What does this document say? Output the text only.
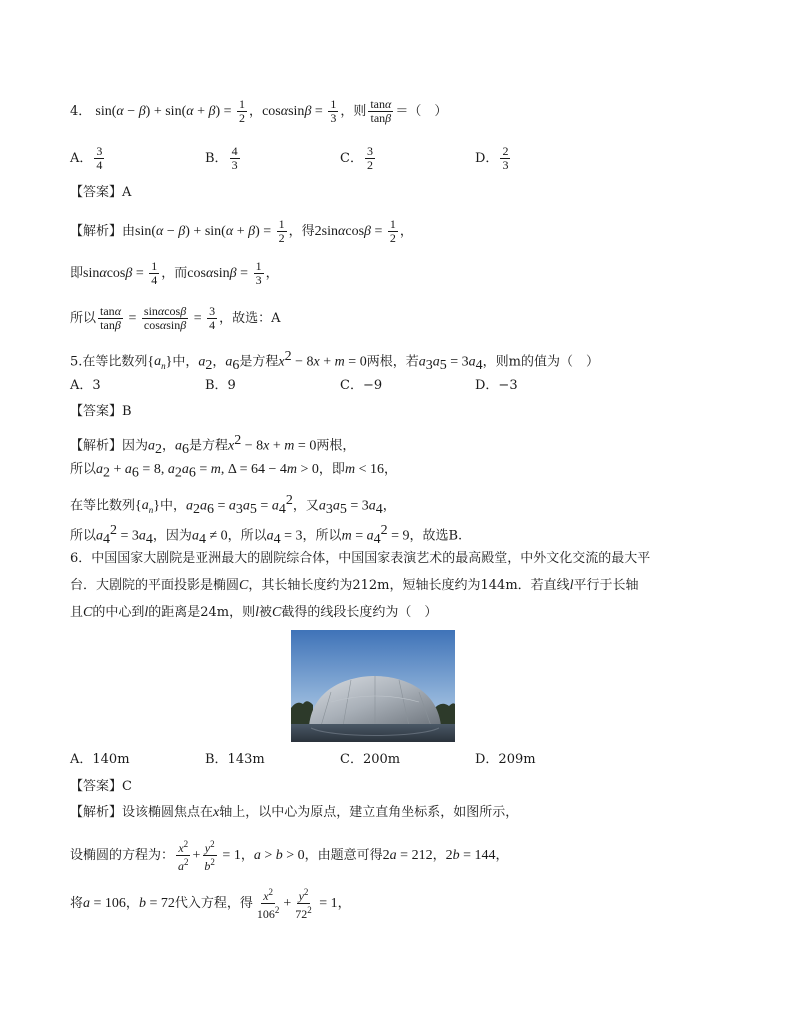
4． $\sin(\alpha - \beta) + \sin(\alpha + \beta) = \frac{1}{2}$ ，$\cos\alpha\sin\beta = \frac{1}{3}$ ，则 $\frac{\tan\alpha}{\tan\beta}$ ＝（　）
A． $\frac{3}{4}$	B． $\frac{4}{3}$	C． $\frac{3}{2}$	D． $\frac{2}{3}$
【答案】A
【解析】由$\sin(\alpha - \beta) + \sin(\alpha + \beta) = \frac{1}{2}$ ，得$2\sin\alpha\cos\beta = \frac{1}{2}$ ，
即$\sin\alpha\cos\beta = \frac{1}{4}$ ，而$\cos\alpha\sin\beta = \frac{1}{3}$ ，
所以 $\frac{\tan\alpha}{\tan\beta} = \frac{\sin\alpha\cos\beta}{\cos\alpha\sin\beta} = \frac{3}{4}$ ，故选：A
5.在等比数列$\{a_n\}$中，$a_2$，$a_6$是方程$x^2 - 8x + m = 0$两根，若$a_3a_5 = 3a_4$，则m的值为（　）
A．3	B．9	C．−9	D．−3
【答案】B
【解析】因为$a_2$，$a_6$是方程$x^2 - 8x + m = 0$两根，
所以$a_2 + a_6 = 8$, $a_2a_6 = m$, Δ = 64 − 4m > 0，即m < 16，
在等比数列$\{a_n\}$中，$a_2a_6 = a_3a_5 = a_4^2$，又$a_3a_5 = 3a_4$，
所以$a_4^2 = 3a_4$，因为$a_4 \ne 0$，所以$a_4 = 3$，所以$m = a_4^2 = 9$，故选B.
6．中国国家大剧院是亚洲最大的剧院综合体，中国国家表演艺术的最高殿堂，中外文化交流的最大平
台．大剧院的平面投影是椭圆C，其长轴长度约为212m，短轴长度约为144m．若直线l平行于长轴
且C的中心到l的距离是24m，则l被C截得的线段长度约为（　）
A．140m	B．143m	C．200m	D．209m
【答案】C
【解析】设该椭圆焦点在x轴上，以中心为原点，建立直角坐标系，如图所示，
设椭圆的方程为： $\frac{x^2}{a^2} + \frac{y^2}{b^2} = 1$，a > b > 0，由题意可得2a = 212，2b = 144，
将a = 106，b = 72代入方程，得 $\frac{x^2}{106^2} + \frac{y^2}{72^2} = 1$，
